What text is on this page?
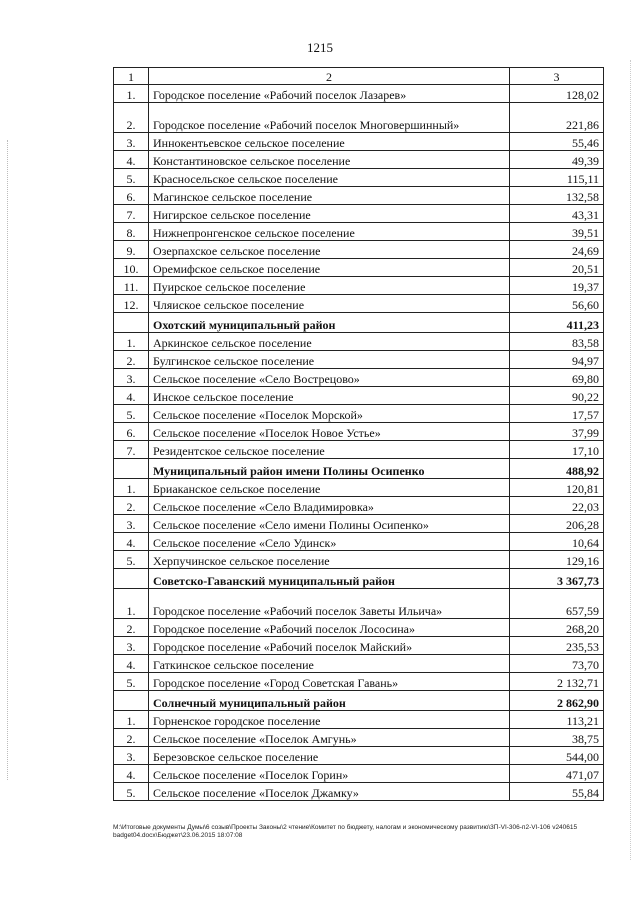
1215
1	2	3
1.	Городское поселение «Рабочий поселок Лазарев»	128,02
2.	Городское поселение «Рабочий поселок Многовершинный»	221,86
3.	Иннокентьевское сельское поселение	55,46
4.	Константиновское сельское поселение	49,39
5.	Красносельское сельское поселение	115,11
6.	Магинское сельское поселение	132,58
7.	Нигирское сельское поселение	43,31
8.	Нижнепронгенское сельское поселение	39,51
9.	Озерпахское сельское поселение	24,69
10.	Оремифское сельское поселение	20,51
11.	Пуирское сельское поселение	19,37
12.	Чляиское сельское поселение	56,60
	Охотский муниципальный район	411,23
1.	Аркинское сельское поселение	83,58
2.	Булгинское сельское поселение	94,97
3.	Сельское поселение «Село Вострецово»	69,80
4.	Инское сельское поселение	90,22
5.	Сельское поселение «Поселок Морской»	17,57
6.	Сельское поселение «Поселок Новое Устье»	37,99
7.	Резидентское сельское поселение	17,10
	Муниципальный район имени Полины Осипенко	488,92
1.	Бриаканское сельское поселение	120,81
2.	Сельское поселение «Село Владимировка»	22,03
3.	Сельское поселение «Село имени Полины Осипенко»	206,28
4.	Сельское поселение «Село Удинск»	10,64
5.	Херпучинское сельское поселение	129,16
	Советско-Гаванский муниципальный район	3 367,73
1.	Городское поселение «Рабочий поселок Заветы Ильича»	657,59
2.	Городское поселение «Рабочий поселок Лососина»	268,20
3.	Городское поселение «Рабочий поселок Майский»	235,53
4.	Гаткинское сельское поселение	73,70
5.	Городское поселение «Город Советская Гавань»	2 132,71
	Солнечный муниципальный район	2 862,90
1.	Горненское городское поселение	113,21
2.	Сельское поселение «Поселок Амгунь»	38,75
3.	Березовское сельское поселение	544,00
4.	Сельское поселение «Поселок Горин»	471,07
5.	Сельское поселение «Поселок Джамку»	55,84
M:\Итоговые документы Думы\6 созыв\Проекты Законы\2 чтение\Комитет по бюджету, налогам и экономическому развитию\3П-VI-306-п2-VI-106 v240615 badget04.docx\Бюджет\23.06.2015 18:07:08
